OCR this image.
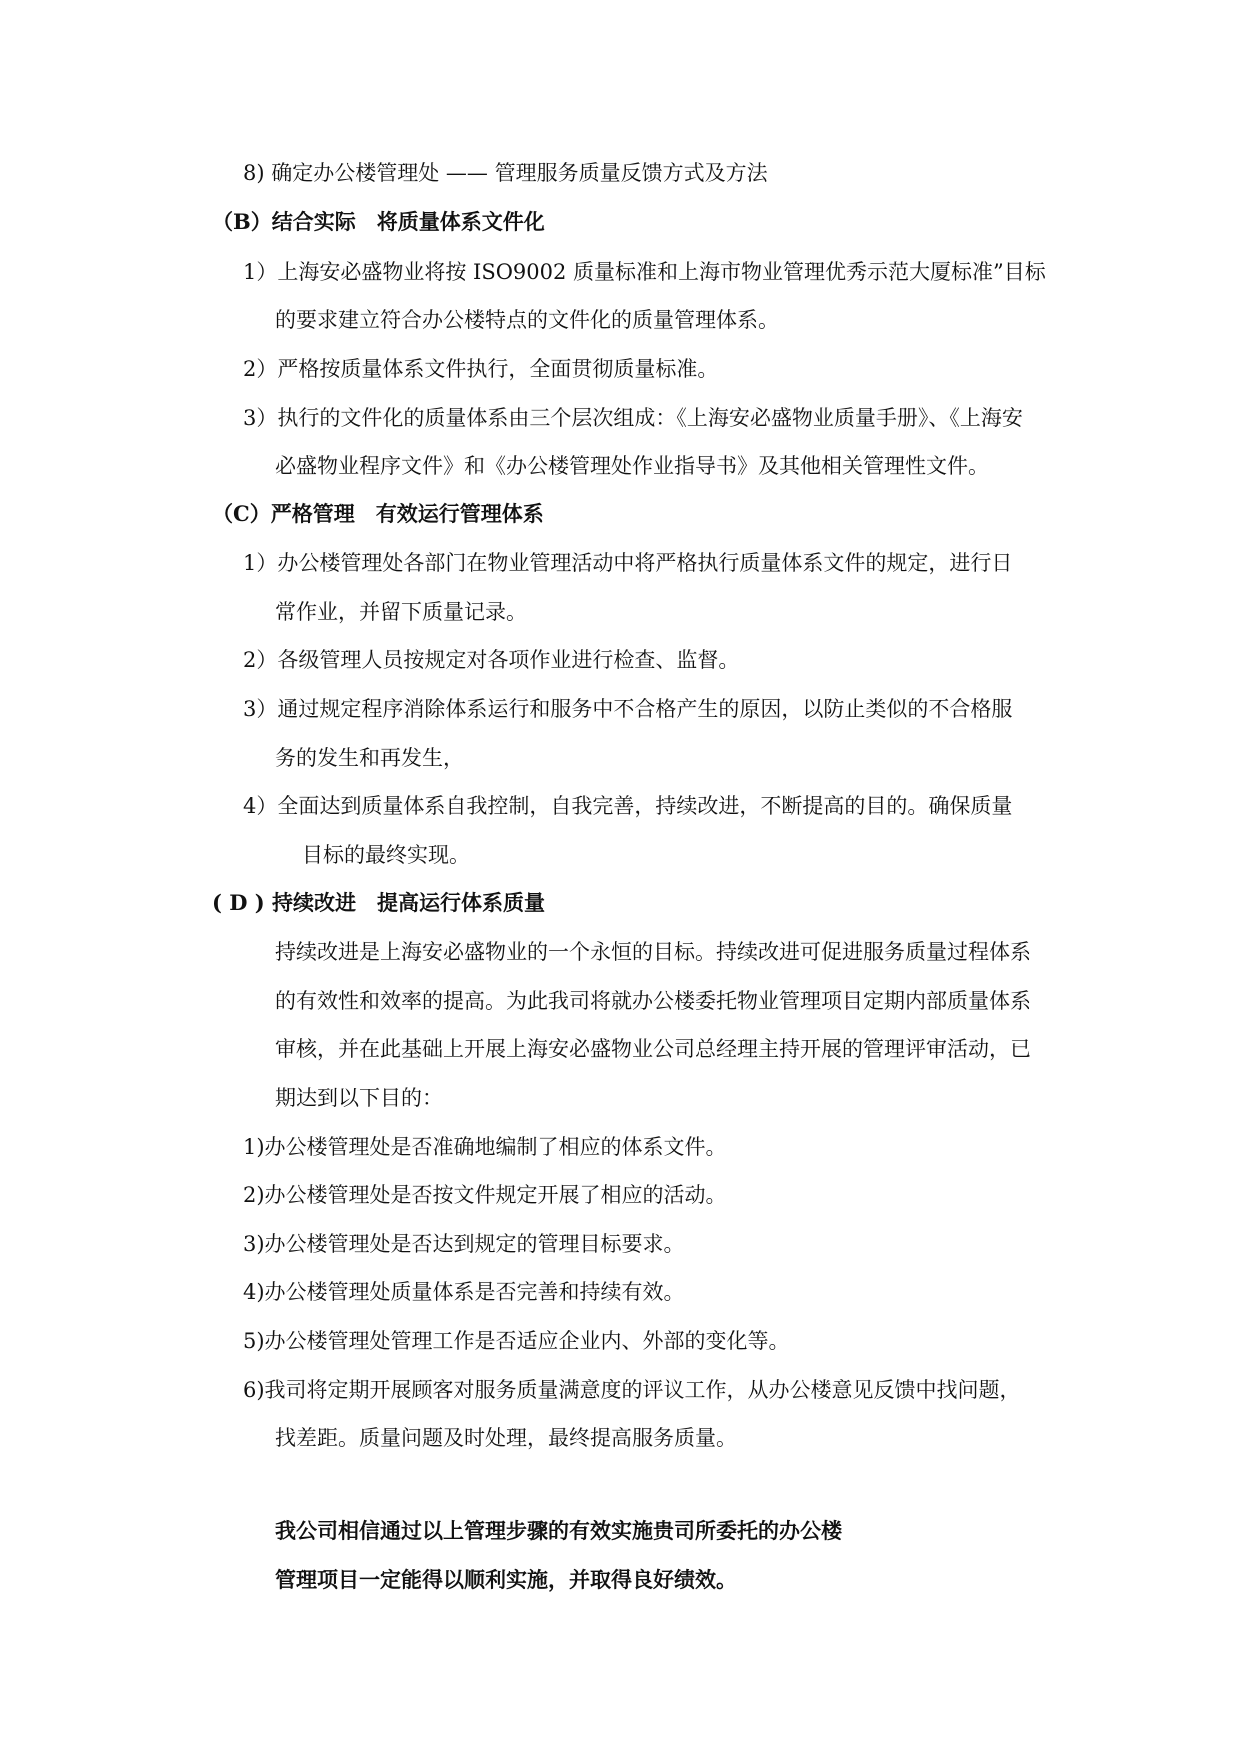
8) 确定办公楼管理处 —— 管理服务质量反馈方式及方法
（B）结合实际　将质量体系文件化
1）上海安必盛物业将按 ISO9002 质量标准和上海市物业管理优秀示范大厦标准”目标
的要求建立符合办公楼特点的文件化的质量管理体系。
2）严格按质量体系文件执行，全面贯彻质量标准。
3）执行的文件化的质量体系由三个层次组成：《上海安必盛物业质量手册》、《上海安
必盛物业程序文件》和《办公楼管理处作业指导书》及其他相关管理性文件。
（C）严格管理　有效运行管理体系
1）办公楼管理处各部门在物业管理活动中将严格执行质量体系文件的规定，进行日
常作业，并留下质量记录。
2）各级管理人员按规定对各项作业进行检查、监督。
3）通过规定程序消除体系运行和服务中不合格产生的原因，以防止类似的不合格服
务的发生和再发生，
4）全面达到质量体系自我控制，自我完善，持续改进，不断提高的目的。确保质量
目标的最终实现。
( D ) 持续改进　提高运行体系质量
持续改进是上海安必盛物业的一个永恒的目标。持续改进可促进服务质量过程体系
的有效性和效率的提高。为此我司将就办公楼委托物业管理项目定期内部质量体系
审核，并在此基础上开展上海安必盛物业公司总经理主持开展的管理评审活动，已
期达到以下目的：
1)办公楼管理处是否准确地编制了相应的体系文件。
2)办公楼管理处是否按文件规定开展了相应的活动。
3)办公楼管理处是否达到规定的管理目标要求。
4)办公楼管理处质量体系是否完善和持续有效。
5)办公楼管理处管理工作是否适应企业内、外部的变化等。
6)我司将定期开展顾客对服务质量满意度的评议工作，从办公楼意见反馈中找问题，
找差距。质量问题及时处理，最终提高服务质量。
我公司相信通过以上管理步骤的有效实施贵司所委托的办公楼
管理项目一定能得以顺利实施，并取得良好绩效。
